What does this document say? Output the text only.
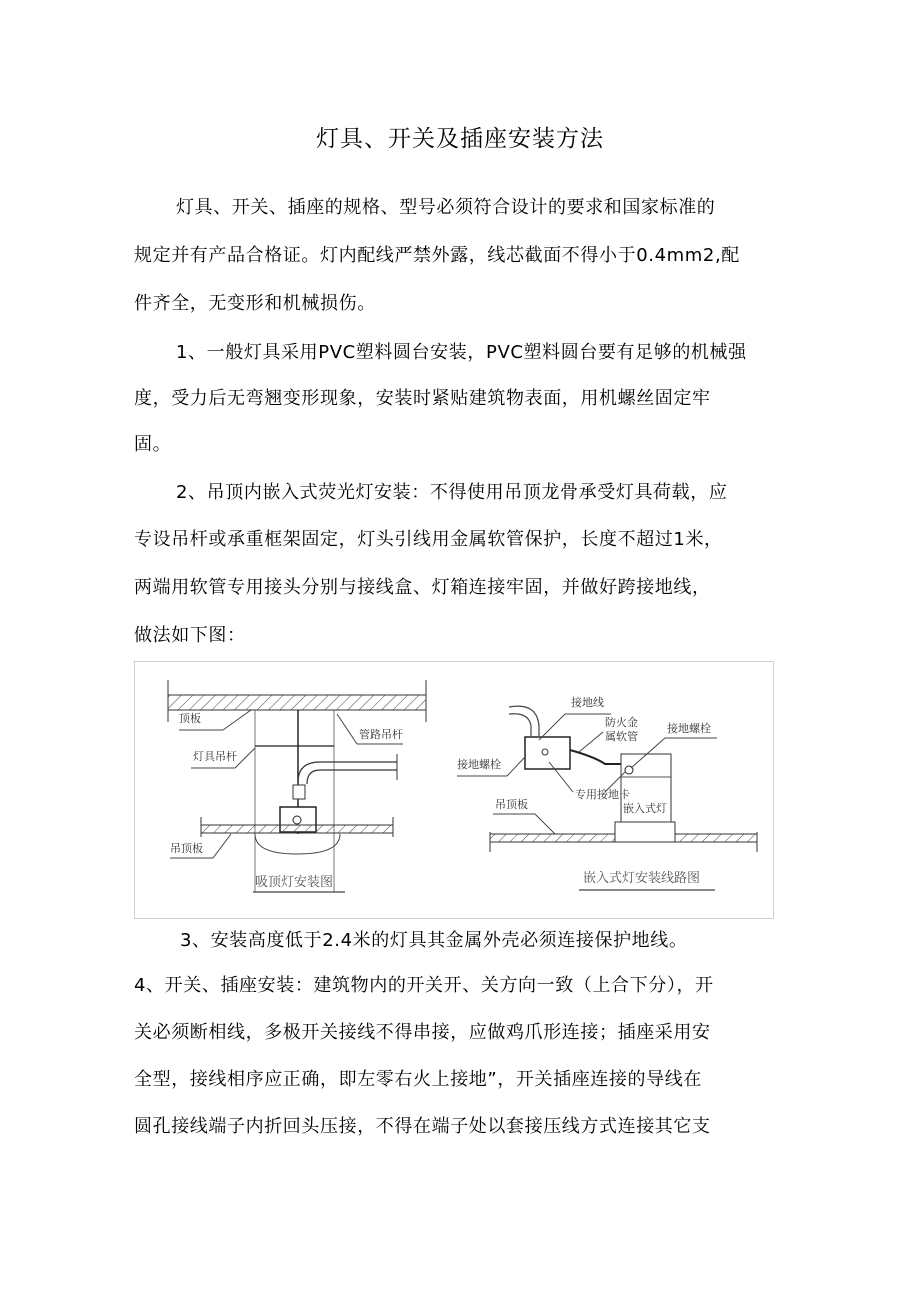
灯具、开关及插座安装方法
灯具、开关、插座的规格、型号必须符合设计的要求和国家标准的
规定并有产品合格证。灯内配线严禁外露，线芯截面不得小于0.4mm2,配
件齐全，无变形和机械损伤。
1、一般灯具采用PVC塑料圆台安装，PVC塑料圆台要有足够的机械强
度，受力后无弯翘变形现象，安装时紧贴建筑物表面，用机螺丝固定牢
固。
2、吊顶内嵌入式荧光灯安装：不得使用吊顶龙骨承受灯具荷载，应
专设吊杆或承重框架固定，灯头引线用金属软管保护，长度不超过1米，
两端用软管专用接头分别与接线盒、灯箱连接牢固，并做好跨接地线，
做法如下图：
顶板
管路吊杆
灯具吊杆
吊顶板
吸顶灯安装图
接地线
防火金
属软管
接地螺栓
接地螺栓
专用接地卡
嵌入式灯
吊顶板
嵌入式灯安装线路图
3、安装高度低于2.4米的灯具其金属外壳必须连接保护地线。
4、开关、插座安装：建筑物内的开关开、关方向一致（上合下分），开
关必须断相线，多极开关接线不得串接，应做鸡爪形连接；插座采用安
全型，接线相序应正确，即左零右火上接地”，开关插座连接的导线在
圆孔接线端子内折回头压接，不得在端子处以套接压线方式连接其它支
